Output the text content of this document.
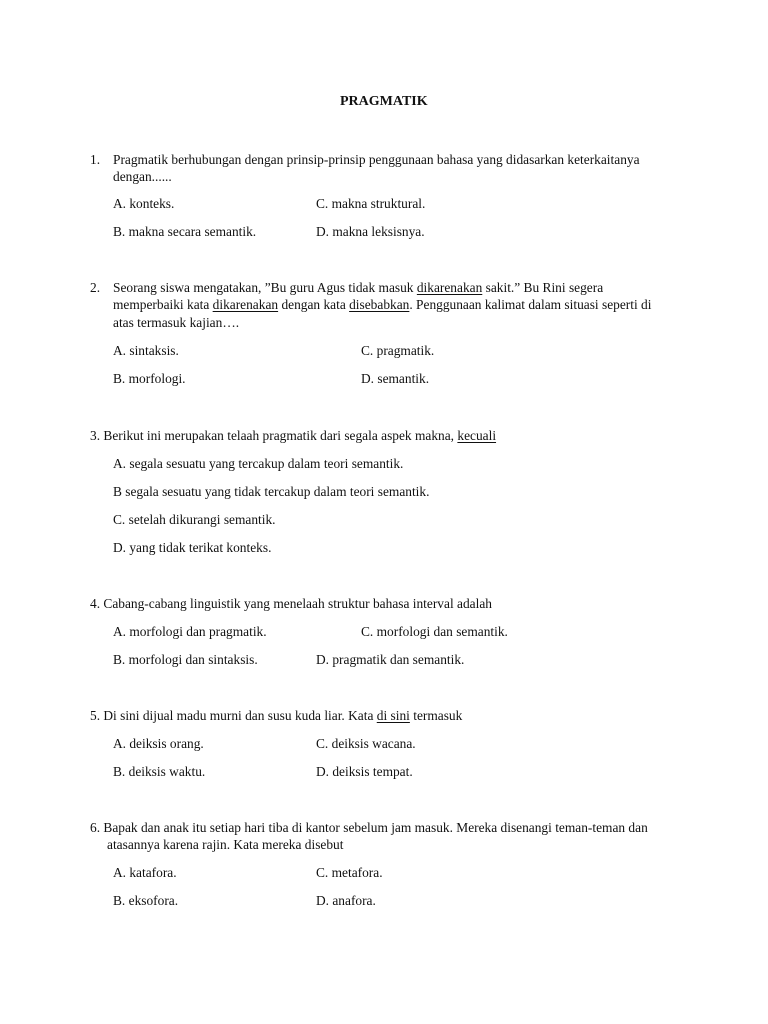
PRAGMATIK
1. Pragmatik berhubungan dengan prinsip-prinsip penggunaan bahasa yang didasarkan keterkaitanya
dengan......
A. konteks.
B. makna secara semantik.
C. makna struktural.
D. makna leksisnya.
2. Seorang siswa mengatakan, ”Bu guru Agus tidak masuk dikarenakan sakit.” Bu Rini segera
memperbaiki kata dikarenakan dengan kata disebabkan. Penggunaan kalimat dalam situasi seperti di
atas termasuk kajian….
A. sintaksis.
B. morfologi.
C. pragmatik.
D. semantik.
3. Berikut ini merupakan telaah pragmatik dari segala aspek makna, kecuali
A. segala sesuatu yang tercakup dalam teori semantik.
B segala sesuatu yang tidak tercakup dalam teori semantik.
C. setelah dikurangi semantik.
D. yang tidak terikat konteks.
4. Cabang-cabang linguistik yang menelaah struktur bahasa interval adalah
A. morfologi dan pragmatik.
B. morfologi dan sintaksis.
C. morfologi dan semantik.
D. pragmatik dan semantik.
5. Di sini dijual madu murni dan susu kuda liar. Kata di sini termasuk
A. deiksis orang.
B. deiksis waktu.
C. deiksis wacana.
D. deiksis tempat.
6. Bapak dan anak itu setiap hari tiba di kantor sebelum jam masuk. Mereka disenangi teman-teman dan
atasannya karena rajin. Kata mereka disebut
A. katafora.
B. eksofora.
C. metafora.
D. anafora.
